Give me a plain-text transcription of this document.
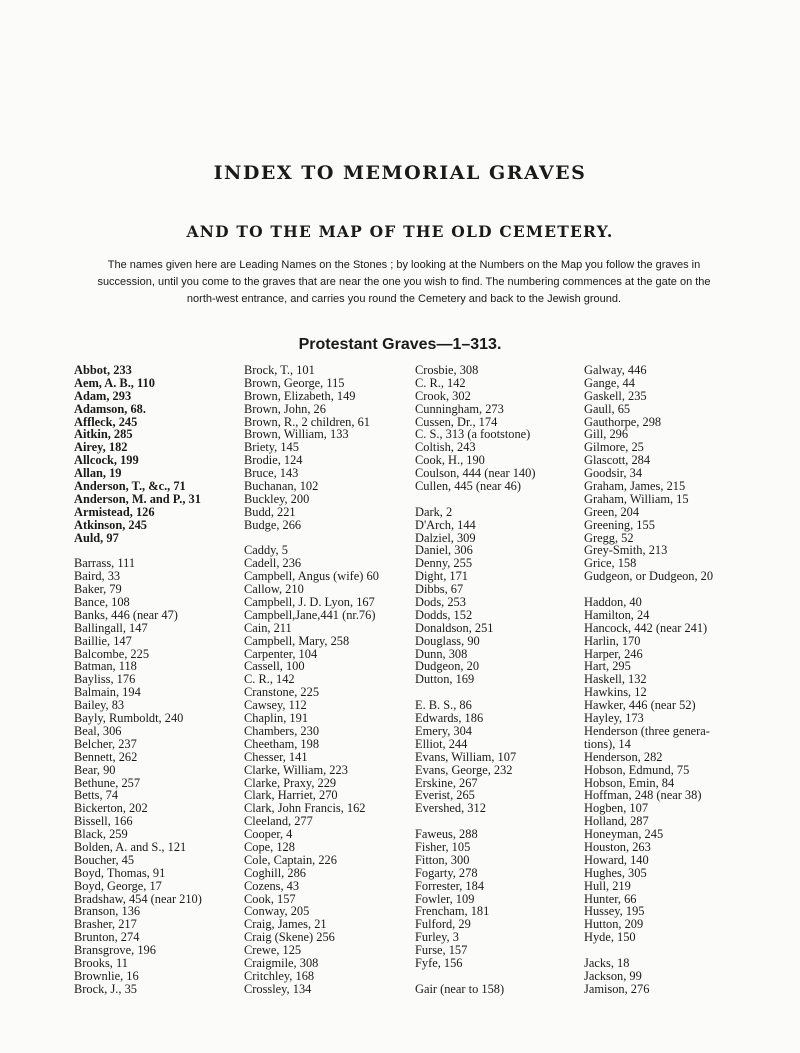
INDEX TO MEMORIAL GRAVES
AND TO THE MAP OF THE OLD CEMETERY.
The names given here are Leading Names on the Stones ; by looking at the Numbers on the Map you follow the graves in succession, until you come to the graves that are near the one you wish to find. The numbering commences at the gate on the north-west entrance, and carries you round the Cemetery and back to the Jewish ground.
Protestant Graves—1–313.
Abbot, 233
Aem, A. B., 110
Adam, 293
Adamson, 68.
Affleck, 245
Aitkin, 285
Airey, 182
Allcock, 199
Allan, 19
Anderson, T., &c., 71
Anderson, M. and P., 31
Armistead, 126
Atkinson, 245
Auld, 97
Barrass, 111
Baird, 33
Baker, 79
Bance, 108
Banks, 446 (near 47)
Ballingall, 147
Baillie, 147
Balcombe, 225
Batman, 118
Bayliss, 176
Balmain, 194
Bailey, 83
Bayly, Rumboldt, 240
Beal, 306
Belcher, 237
Bennett, 262
Bear, 90
Bethune, 257
Betts, 74
Bickerton, 202
Bissell, 166
Black, 259
Bolden, A. and S., 121
Boucher, 45
Boyd, Thomas, 91
Boyd, George, 17
Bradshaw, 454 (near 210)
Branson, 136
Brasher, 217
Brunton, 274
Bransgrove, 196
Brooks, 11
Brownlie, 16
Brock, J., 35
Brock, T., 101
Brown, George, 115
Brown, Elizabeth, 149
Brown, John, 26
Brown, R., 2 children, 61
Brown, William, 133
Briety, 145
Brodie, 124
Bruce, 143
Buchanan, 102
Buckley, 200
Budd, 221
Budge, 266
Caddy, 5
Cadell, 236
Campbell, Angus (wife) 60
Callow, 210
Campbell, J. D. Lyon, 167
Campbell,Jane,441 (nr.76)
Cain, 211
Campbell, Mary, 258
Carpenter, 104
Cassell, 100
C. R., 142
Cranstone, 225
Cawsey, 112
Chaplin, 191
Chambers, 230
Cheetham, 198
Chesser, 141
Clarke, William, 223
Clarke, Praxy, 229
Clark, Harriet, 270
Clark, John Francis, 162
Cleeland, 277
Cooper, 4
Cope, 128
Cole, Captain, 226
Coghill, 286
Cozens, 43
Cook, 157
Conway, 205
Craig, James, 21
Craig (Skene) 256
Crewe, 125
Craigmile, 308
Critchley, 168
Crossley, 134
Crosbie, 308
C. R., 142
Crook, 302
Cunningham, 273
Cussen, Dr., 174
C. S., 313 (a footstone)
Coltish, 243
Cook, H., 190
Coulson, 444 (near 140)
Cullen, 445 (near 46)
Dark, 2
D'Arch, 144
Dalziel, 309
Daniel, 306
Denny, 255
Dight, 171
Dibbs, 67
Dods, 253
Dodds, 152
Donaldson, 251
Douglass, 90
Dunn, 308
Dudgeon, 20
Dutton, 169
E. B. S., 86
Edwards, 186
Emery, 304
Elliot, 244
Evans, William, 107
Evans, George, 232
Erskine, 267
Everist, 265
Evershed, 312
Faweus, 288
Fisher, 105
Fitton, 300
Fogarty, 278
Forrester, 184
Fowler, 109
Frencham, 181
Fulford, 29
Furley, 3
Furse, 157
Fyfe, 156
Gair (near to 158)
Galway, 446
Gange, 44
Gaskell, 235
Gaull, 65
Gauthorpe, 298
Gill, 296
Gilmore, 25
Glascott, 284
Goodsir, 34
Graham, James, 215
Graham, William, 15
Green, 204
Greening, 155
Gregg, 52
Grey-Smith, 213
Grice, 158
Gudgeon, or Dudgeon, 20
Haddon, 40
Hamilton, 24
Hancock, 442 (near 241)
Harlin, 170
Harper, 246
Hart, 295
Haskell, 132
Hawkins, 12
Hawker, 446 (near 52)
Hayley, 173
Henderson (three genera-
tions), 14
Henderson, 282
Hobson, Edmund, 75
Hobson, Emin, 84
Hoffman, 248 (near 38)
Hogben, 107
Holland, 287
Honeyman, 245
Houston, 263
Howard, 140
Hughes, 305
Hull, 219
Hunter, 66
Hussey, 195
Hutton, 209
Hyde, 150
Jacks, 18
Jackson, 99
Jamison, 276
